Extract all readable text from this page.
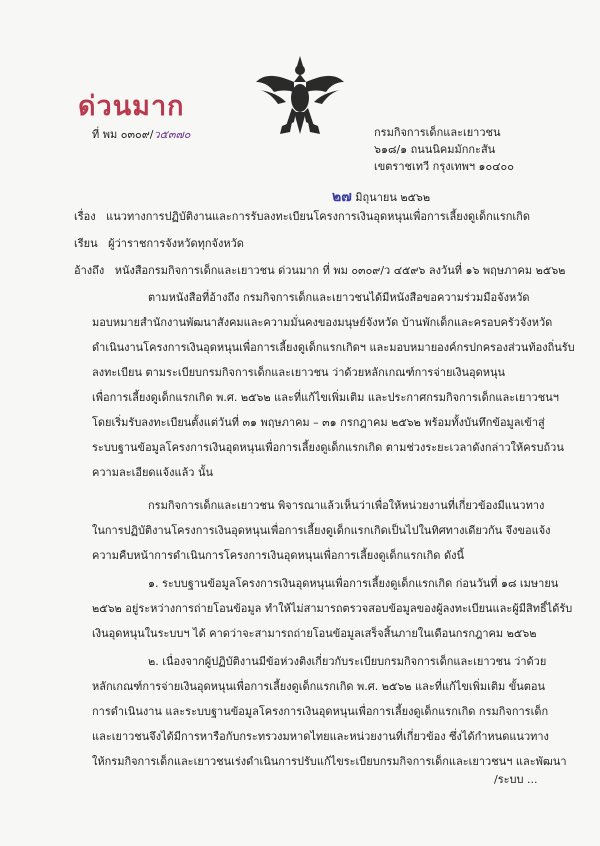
ด่วนมาก
ที่ พม ๐๓๐๙/ว๕๓๗๐	กรมกิจการเด็กและเยาวชน
๖๑๘/๑ ถนนนิคมมักกะสัน
เขตราชเทวี กรุงเทพฯ ๑๐๔๐๐
๒๗ มิถุนายน ๒๕๖๒
เรื่อง แนวทางการปฏิบัติงานและการรับลงทะเบียนโครงการเงินอุดหนุนเพื่อการเลี้ยงดูเด็กแรกเกิด
เรียน ผู้ว่าราชการจังหวัดทุกจังหวัด
อ้างถึง หนังสือกรมกิจการเด็กและเยาวชน ด่วนมาก ที่ พม ๐๓๐๙/ว ๔๕๙๖ ลงวันที่ ๑๖ พฤษภาคม ๒๕๖๒
ตามหนังสือที่อ้างถึง กรมกิจการเด็กและเยาวชนได้มีหนังสือขอความร่วมมือจังหวัด
มอบหมายสำนักงานพัฒนาสังคมและความมั่นคงของมนุษย์จังหวัด บ้านพักเด็กและครอบครัวจังหวัด
ดำเนินงานโครงการเงินอุดหนุนเพื่อการเลี้ยงดูเด็กแรกเกิดฯ และมอบหมายองค์กรปกครองส่วนท้องถิ่นรับ
ลงทะเบียน ตามระเบียบกรมกิจการเด็กและเยาวชน ว่าด้วยหลักเกณฑ์การจ่ายเงินอุดหนุน
เพื่อการเลี้ยงดูเด็กแรกเกิด พ.ศ. ๒๕๖๒ และที่แก้ไขเพิ่มเติม และประกาศกรมกิจการเด็กและเยาวชนฯ
โดยเริ่มรับลงทะเบียนตั้งแต่วันที่ ๓๑ พฤษภาคม – ๓๑ กรกฎาคม ๒๕๖๒ พร้อมทั้งบันทึกข้อมูลเข้าสู่
ระบบฐานข้อมูลโครงการเงินอุดหนุนเพื่อการเลี้ยงดูเด็กแรกเกิด ตามช่วงระยะเวลาดังกล่าวให้ครบถ้วน
ความละเอียดแจ้งแล้ว นั้น
กรมกิจการเด็กและเยาวชน พิจารณาแล้วเห็นว่าเพื่อให้หน่วยงานที่เกี่ยวข้องมีแนวทาง
ในการปฏิบัติงานโครงการเงินอุดหนุนเพื่อการเลี้ยงดูเด็กแรกเกิดเป็นไปในทิศทางเดียวกัน จึงขอแจ้ง
ความคืบหน้าการดำเนินการโครงการเงินอุดหนุนเพื่อการเลี้ยงดูเด็กแรกเกิด ดังนี้
๑. ระบบฐานข้อมูลโครงการเงินอุดหนุนเพื่อการเลี้ยงดูเด็กแรกเกิด ก่อนวันที่ ๑๘ เมษายน
๒๕๖๒ อยู่ระหว่างการถ่ายโอนข้อมูล ทำให้ไม่สามารถตรวจสอบข้อมูลของผู้ลงทะเบียนและผู้มีสิทธิ์ได้รับ
เงินอุดหนุนในระบบฯ ได้ คาดว่าจะสามารถถ่ายโอนข้อมูลเสร็จสิ้นภายในเดือนกรกฎาคม ๒๕๖๒
๒. เนื่องจากผู้ปฏิบัติงานมีข้อห่วงติงเกี่ยวกับระเบียบกรมกิจการเด็กและเยาวชน ว่าด้วย
หลักเกณฑ์การจ่ายเงินอุดหนุนเพื่อการเลี้ยงดูเด็กแรกเกิด พ.ศ. ๒๕๖๒ และที่แก้ไขเพิ่มเติม ขั้นตอน
การดำเนินงาน และระบบฐานข้อมูลโครงการเงินอุดหนุนเพื่อการเลี้ยงดูเด็กแรกเกิด กรมกิจการเด็ก
และเยาวชนจึงได้มีการหารือกับกระทรวงมหาดไทยและหน่วยงานที่เกี่ยวข้อง ซึ่งได้กำหนดแนวทาง
ให้กรมกิจการเด็กและเยาวชนเร่งดำเนินการปรับแก้ไขระเบียบกรมกิจการเด็กและเยาวชนฯ และพัฒนา
/ระบบ ...
